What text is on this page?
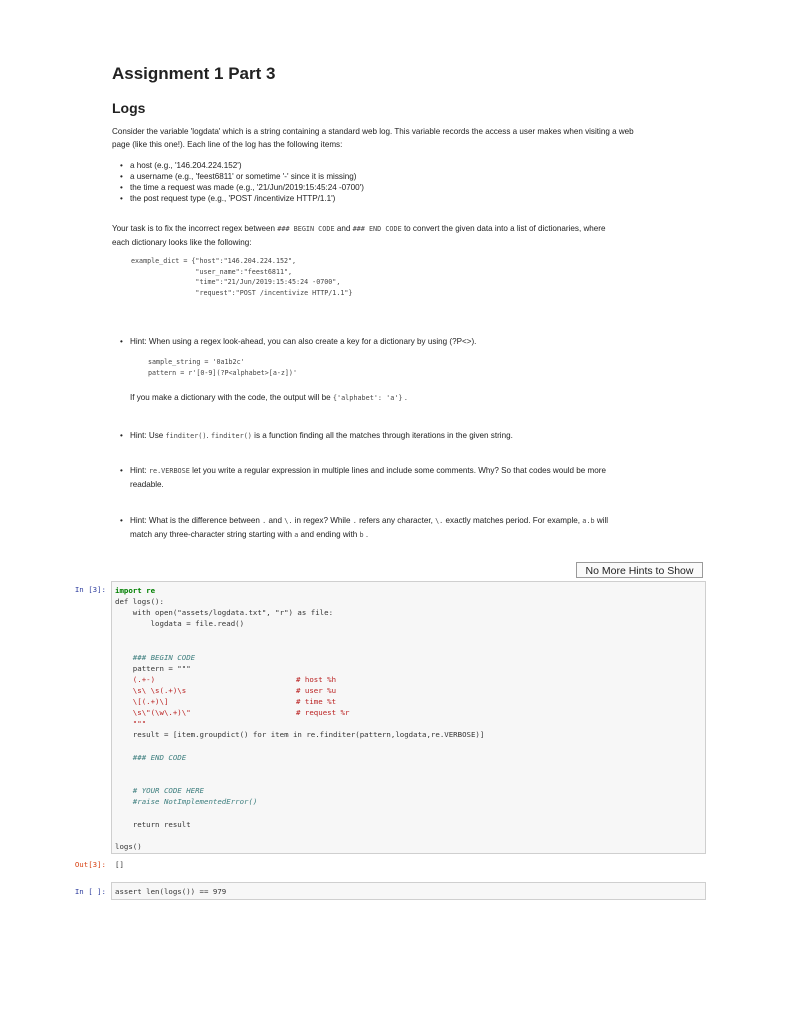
Assignment 1 Part 3
Logs
Consider the variable 'logdata' which is a string containing a standard web log. This variable records the access a user makes when visiting a web
page (like this one!). Each line of the log has the following items:
• a host (e.g., '146.204.224.152')
• a username (e.g., 'feest6811' or sometime '-' since it is missing)
• the time a request was made (e.g., '21/Jun/2019:15:45:24 -0700')
• the post request type (e.g., 'POST /incentivize HTTP/1.1')
Your task is to fix the incorrect regex between ### BEGIN CODE and ### END CODE to convert the given data into a list of dictionaries, where
each dictionary looks like the following:
example_dict = {"host":"146.204.224.152",
"user_name":"feest6811",
"time":"21/Jun/2019:15:45:24 -0700",
"request":"POST /incentivize HTTP/1.1"}
• Hint: When using a regex look-ahead, you can also create a key for a dictionary by using (?P<>).
sample_string = '0a1b2c'
pattern = r'[0-9](?P<alphabet>[a-z])'
If you make a dictionary with the code, the output will be {'alphabet': 'a'} .
• Hint: Use finditer(). finditer() is a function finding all the matches through iterations in the given string.
• Hint: re.VERBOSE let you write a regular expression in multiple lines and include some comments. Why? So that codes would be more
readable.
• Hint: What is the difference between . and \. in regex? While . refers any character, \. exactly matches period. For example, a.b will
match any three-character string starting with a and ending with b .
No More Hints to Show
In [3]: import re
def logs():
with open("assets/logdata.txt", "r") as file:
logdata = file.read()
### BEGIN CODE
pattern = """
(.+-)	# host %h
\s\ \s(.+)\s	# user %u
\[(.+)\]	# time %t
\s\"(\w\.+)\"	# request %r
"""
result = [item.groupdict() for item in re.finditer(pattern,logdata,re.VERBOSE)]
### END CODE
# YOUR CODE HERE
#raise NotImplementedError()
return result
logs()
Out[3]: []
In [ ]: assert len(logs()) == 979
